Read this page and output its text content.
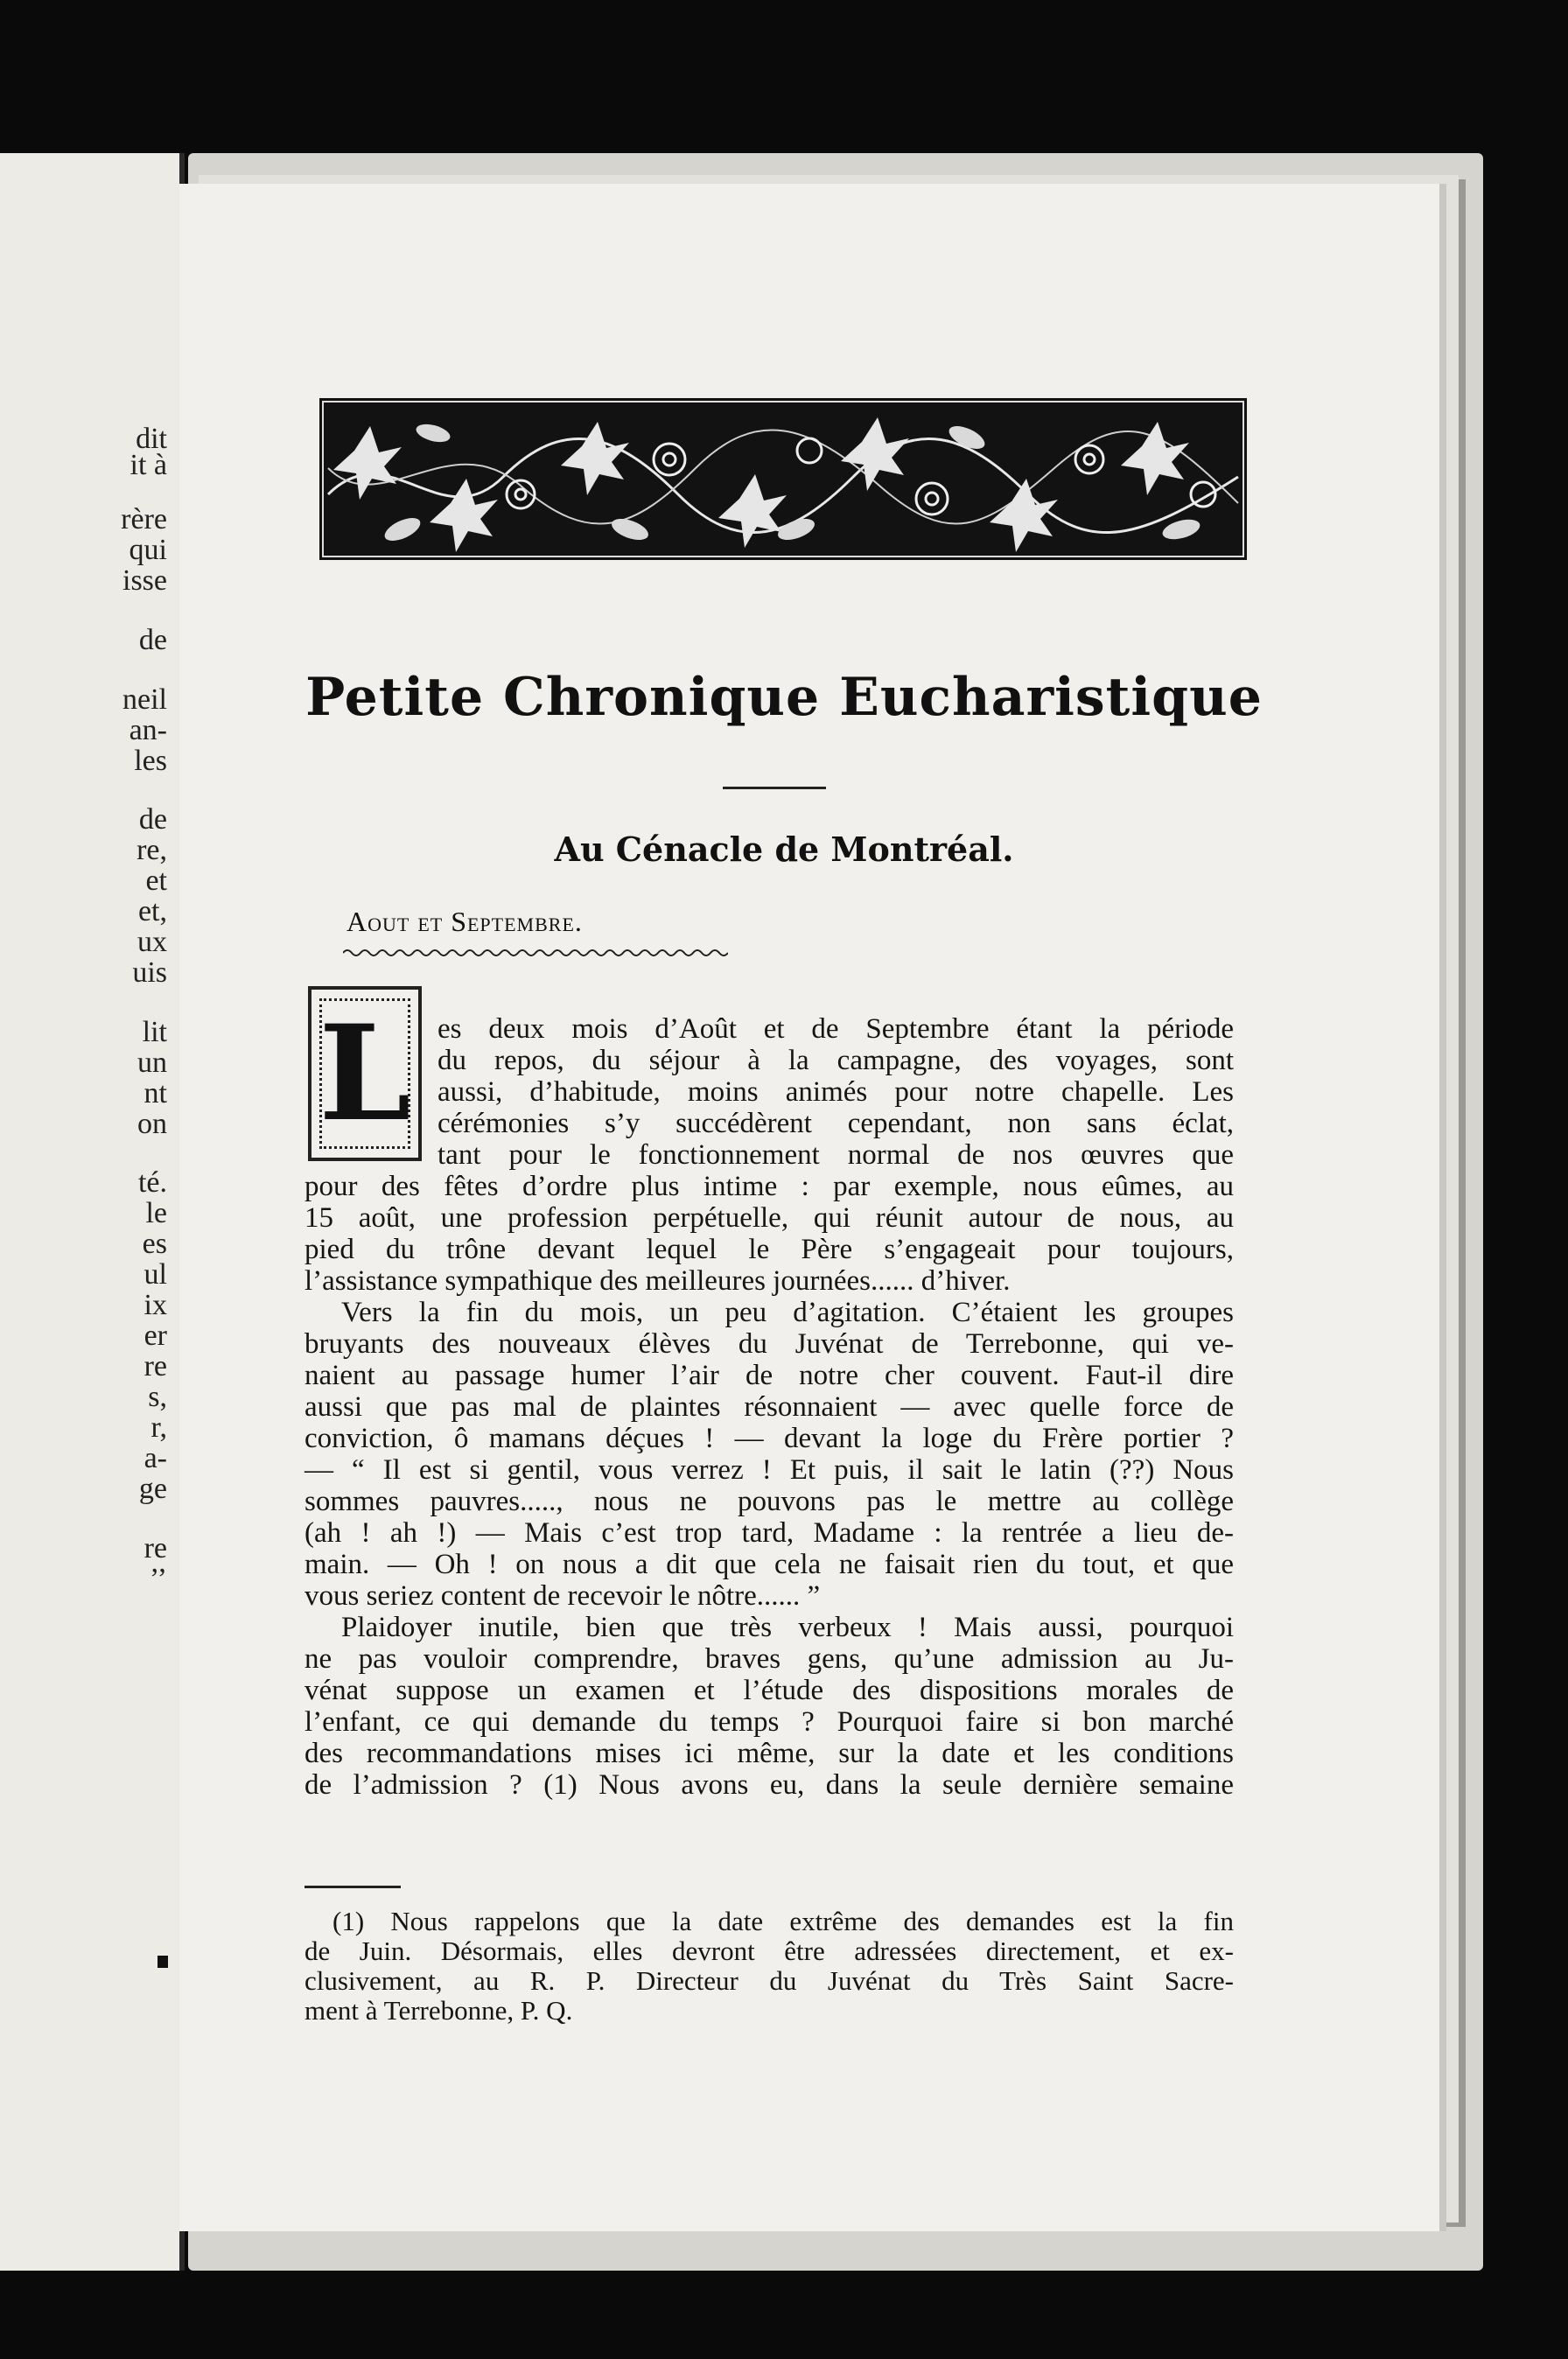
dit
it à
rère
qui
isse
de
neil
an-
les
de
re,
et
et,
ux
uis
lit
un
nt
on
té.
le
es
ul
ix
er
re
s,
r,
a-
ge
re
’’
Petite Chronique Eucharistique
Au Cénacle de Montréal.
Aout et Septembre.
L es deux mois d’Août et de Septembre étant la période
du repos, du séjour à la campagne, des voyages, sont
aussi, d’habitude, moins animés pour notre chapelle. Les
cérémonies s’y succédèrent cependant, non sans éclat,
tant pour le fonctionnement normal de nos œuvres que
pour des fêtes d’ordre plus intime : par exemple, nous eûmes, au
15 août, une profession perpétuelle, qui réunit autour de nous, au
pied du trône devant lequel le Père s’engageait pour toujours,
l’assistance sympathique des meilleures journées...... d’hiver.
Vers la fin du mois, un peu d’agitation. C’étaient les groupes
bruyants des nouveaux élèves du Juvénat de Terrebonne, qui ve-
naient au passage humer l’air de notre cher couvent. Faut-il dire
aussi que pas mal de plaintes résonnaient — avec quelle force de
conviction, ô mamans déçues ! — devant la loge du Frère portier ?
— “ Il est si gentil, vous verrez ! Et puis, il sait le latin (??) Nous
sommes pauvres....., nous ne pouvons pas le mettre au collège
(ah ! ah !) — Mais c’est trop tard, Madame : la rentrée a lieu de-
main. — Oh ! on nous a dit que cela ne faisait rien du tout, et que
vous seriez content de recevoir le nôtre...... ”
Plaidoyer inutile, bien que très verbeux ! Mais aussi, pourquoi
ne pas vouloir comprendre, braves gens, qu’une admission au Ju-
vénat suppose un examen et l’étude des dispositions morales de
l’enfant, ce qui demande du temps ? Pourquoi faire si bon marché
des recommandations mises ici même, sur la date et les conditions
de l’admission ? (1) Nous avons eu, dans la seule dernière semaine
(1) Nous rappelons que la date extrême des demandes est la fin
de Juin. Désormais, elles devront être adressées directement, et ex-
clusivement, au R. P. Directeur du Juvénat du Très Saint Sacre-
ment à Terrebonne, P. Q.
